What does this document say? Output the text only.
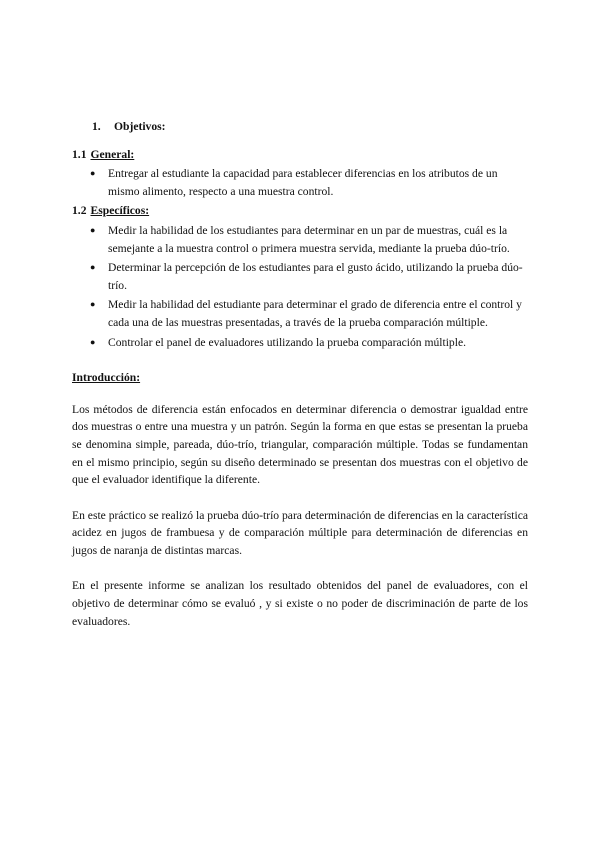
1. Objetivos:
1.1 General:
● Entregar al estudiante la capacidad para establecer diferencias en los atributos de un mismo alimento, respecto a una muestra control.
1.2 Específicos:
● Medir la habilidad de los estudiantes para determinar en un par de muestras, cuál es la semejante a la muestra control o primera muestra servida, mediante la prueba dúo-trío.
● Determinar la percepción de los estudiantes para el gusto ácido, utilizando la prueba dúo- trío.
● Medir la habilidad del estudiante para determinar el grado de diferencia entre el control y cada una de las muestras presentadas, a través de la prueba comparación múltiple.
● Controlar el panel de evaluadores utilizando la prueba comparación múltiple.
Introducción:

Los métodos de diferencia están enfocados en determinar diferencia o demostrar igualdad entre dos muestras o entre una muestra y un patrón. Según la forma en que estas se presentan la prueba se denomina simple, pareada, dúo-trío, triangular, comparación múltiple. Todas se fundamentan en el mismo principio, según su diseño determinado se presentan dos muestras con el objetivo de que el evaluador identifique la diferente.

En este práctico se realizó la prueba dúo-trío para determinación de diferencias en la característica acidez en jugos de frambuesa y de comparación múltiple para determinación de diferencias en jugos de naranja de distintas marcas.

En el presente informe se analizan los resultado obtenidos del panel de evaluadores, con el objetivo de determinar cómo se evaluó , y si existe o no poder de discriminación de parte de los evaluadores.
